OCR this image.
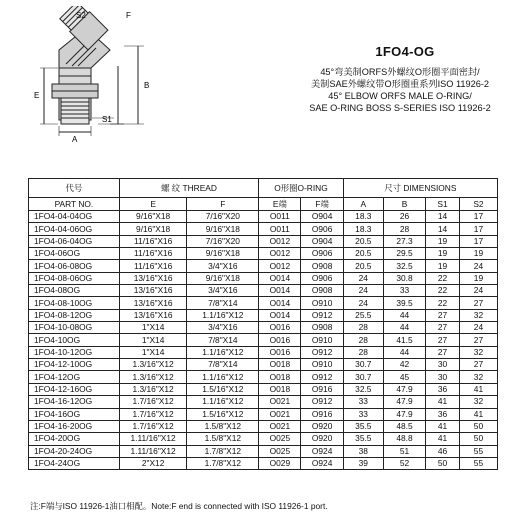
S2	F
E
B
A
S1
1FO4-OG
45°弯美制ORFS外螺纹O形圈平面密封/
美制SAE外螺纹带O形圈重系列ISO 11926-2
45° ELBOW ORFS MALE O-RING/
SAE O-RING BOSS S-SERIES ISO 11926-2
代号	螺 纹 THREAD		O形圈O-RING		尺寸 DIMENSIONS			
PART NO.	E	F	E端	F端	A	B	S1	S2
1FO4-04-04OG	9/16"X18	7/16"X20	O011	O904	18.3	26	14	17
1FO4-04-06OG	9/16"X18	9/16"X18	O011	O906	18.3	28	14	17
1FO4-06-04OG	11/16"X16	7/16"X20	O012	O904	20.5	27.3	19	17
1FO4-06OG	11/16"X16	9/16"X18	O012	O906	20.5	29.5	19	19
1FO4-06-08OG	11/16"X16	3/4"X16	O012	O908	20.5	32.5	19	24
1FO4-08-06OG	13/16"X16	9/16"X18	O014	O906	24	30.8	22	19
1FO4-08OG	13/16"X16	3/4"X16	O014	O908	24	33	22	24
1FO4-08-10OG	13/16"X16	7/8"X14	O014	O910	24	39.5	22	27
1FO4-08-12OG	13/16"X16	1.1/16"X12	O014	O912	25.5	44	27	32
1FO4-10-08OG	1"X14	3/4"X16	O016	O908	28	44	27	24
1FO4-10OG	1"X14	7/8"X14	O016	O910	28	41.5	27	27
1FO4-10-12OG	1"X14	1.1/16"X12	O016	O912	28	44	27	32
1FO4-12-10OG	1.3/16"X12	7/8"X14	O018	O910	30.7	42	30	27
1FO4-12OG	1.3/16"X12	1.1/16"X12	O018	O912	30.7	45	30	32
1FO4-12-16OG	1.3/16"X12	1.5/16"X12	O018	O916	32.5	47.9	36	41
1FO4-16-12OG	1.7/16"X12	1.1/16"X12	O021	O912	33	47.9	41	32
1FO4-16OG	1.7/16"X12	1.5/16"X12	O021	O916	33	47.9	36	41
1FO4-16-20OG	1.7/16"X12	1.5/8"X12	O021	O920	35.5	48.5	41	50
1FO4-20OG	1.11/16"X12	1.5/8"X12	O025	O920	35.5	48.8	41	50
1FO4-20-24OG	1.11/16"X12	1.7/8"X12	O025	O924	38	51	46	55
1FO4-24OG	2"X12	1.7/8"X12	O029	O924	39	52	50	55
注:F端与ISO 11926-1油口相配。Note:F end is connected with ISO 11926-1 port.
